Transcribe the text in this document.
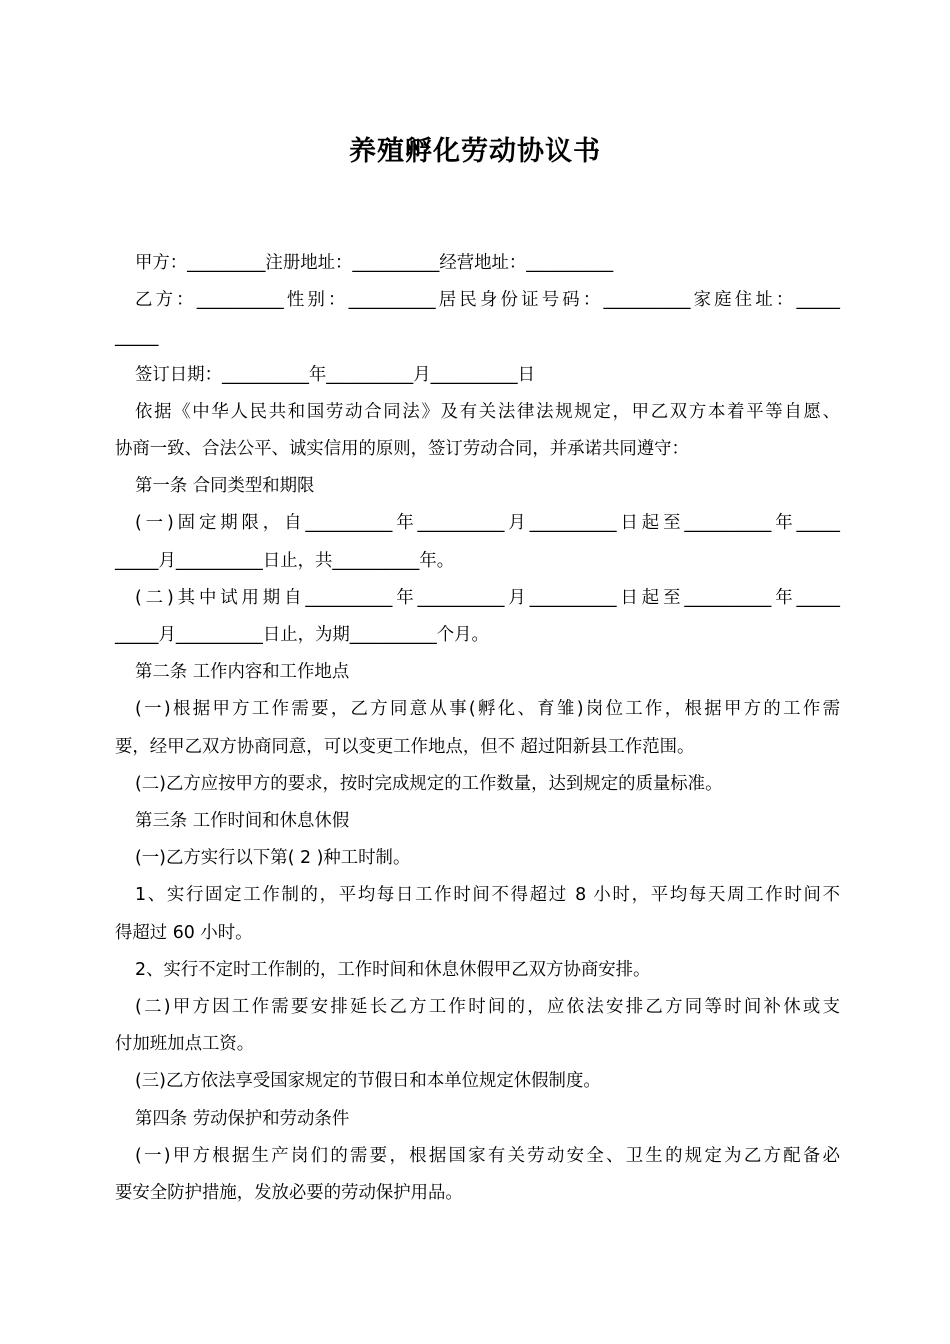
养殖孵化劳动协议书
甲方：_________注册地址：__________经营地址：__________
乙方：__________性别：__________居民身份证号码：__________家庭住址：_____
_____
签订日期：__________年__________月__________日
依据《中华人民共和国劳动合同法》及有关法律法规规定，甲乙双方本着平等自愿、
协商一致、合法公平、诚实信用的原则，签订劳动合同，并承诺共同遵守：
第一条 合同类型和期限
(一)固定期限，自__________年__________月__________日起至__________年_____
_____月__________日止，共__________年。
(二)其中试用期自__________年__________月__________日起至__________年_____
_____月__________日止，为期__________个月。
第二条 工作内容和工作地点
(一)根据甲方工作需要，乙方同意从事(孵化、育雏)岗位工作，根据甲方的工作需
要，经甲乙双方协商同意，可以变更工作地点，但不 超过阳新县工作范围。
(二)乙方应按甲方的要求，按时完成规定的工作数量，达到规定的质量标准。
第三条 工作时间和休息休假
(一)乙方实行以下第( 2 )种工时制。
1、实行固定工作制的，平均每日工作时间不得超过 8 小时，平均每天周工作时间不
得超过 60 小时。
2、实行不定时工作制的，工作时间和休息休假甲乙双方协商安排。
(二)甲方因工作需要安排延长乙方工作时间的，应依法安排乙方同等时间补休或支
付加班加点工资。
(三)乙方依法享受国家规定的节假日和本单位规定休假制度。
第四条 劳动保护和劳动条件
(一)甲方根据生产岗们的需要，根据国家有关劳动安全、卫生的规定为乙方配备必
要安全防护措施，发放必要的劳动保护用品。
